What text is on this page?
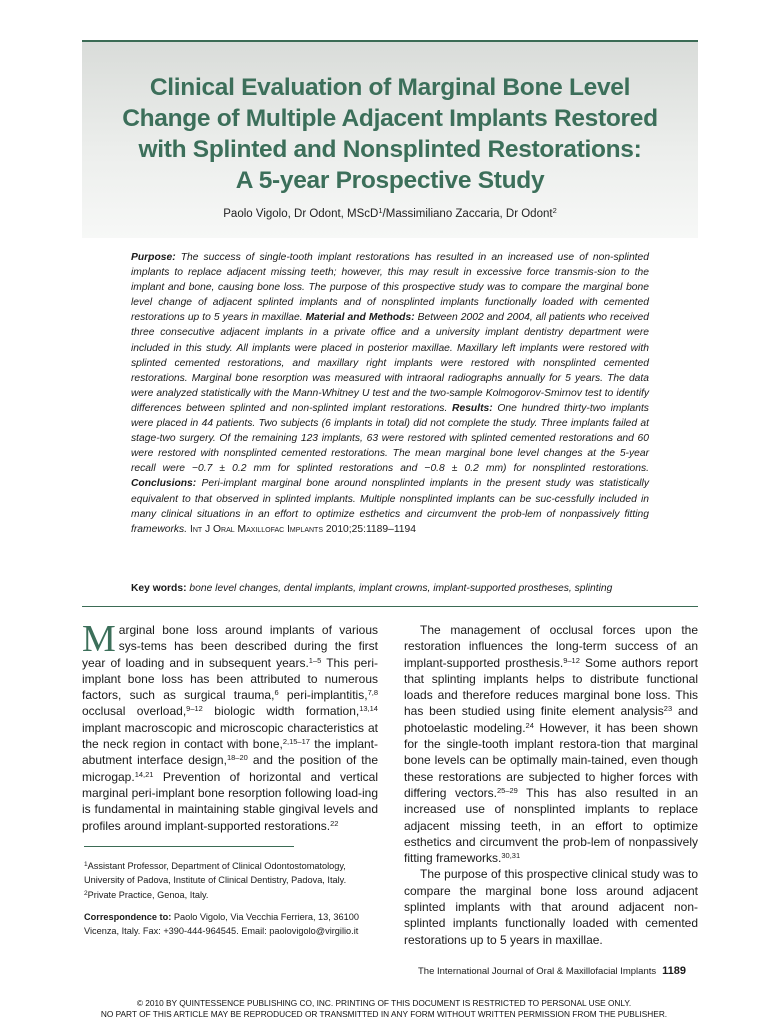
Clinical Evaluation of Marginal Bone Level
Change of Multiple Adjacent Implants Restored
with Splinted and Nonsplinted Restorations:
A 5-year Prospective Study
Paolo Vigolo, Dr Odont, MScD$^1$/Massimiliano Zaccaria, Dr Odont$^2$
Purpose: The success of single-tooth implant restorations has resulted in an increased use of non-splinted implants to replace adjacent missing teeth; however, this may result in excessive force transmis-sion to the implant and bone, causing bone loss. The purpose of this prospective study was to compare the marginal bone level change of adjacent splinted implants and of nonsplinted implants functionally loaded with cemented restorations up to 5 years in maxillae. Material and Methods: Between 2002 and 2004, all patients who received three consecutive adjacent implants in a private office and a university implant dentistry department were included in this study. All implants were placed in posterior maxillae. Maxillary left implants were restored with splinted cemented restorations, and maxillary right implants were restored with nonsplinted cemented restorations. Marginal bone resorption was measured with intraoral radiographs annually for 5 years. The data were analyzed statistically with the Mann-Whitney U test and the two-sample Kolmogorov-Smirnov test to identify differences between splinted and non-splinted implant restorations. Results: One hundred thirty-two implants were placed in 44 patients. Two subjects (6 implants in total) did not complete the study. Three implants failed at stage-two surgery. Of the remaining 123 implants, 63 were restored with splinted cemented restorations and 60 were restored with nonsplinted cemented restorations. The mean marginal bone level changes at the 5-year recall were −0.7 ± 0.2 mm for splinted restorations and −0.8 ± 0.2 mm) for nonsplinted restorations. Conclusions: Peri-implant marginal bone around nonsplinted implants in the present study was statistically equivalent to that observed in splinted implants. Multiple nonsplinted implants can be suc-cessfully included in many clinical situations in an effort to optimize esthetics and circumvent the prob-lem of nonpassively fitting frameworks. Int J Oral Maxillofac Implants 2010;25:1189–1194
Key words: bone level changes, dental implants, implant crowns, implant-supported prostheses, splinting

Marginal bone loss around implants of various sys-tems has been described during the first year of loading and in subsequent years.$^{1-5}$ This peri-implant bone loss has been attributed to numerous factors, such as surgical trauma,$^6$ peri-implantitis,$^{7,8}$ occlusal overload,$^{9-12}$ biologic width formation,$^{13,14}$ implant macroscopic and microscopic characteristics at the neck region in contact with bone,$^{2,15-17}$ the implant-abutment interface design,$^{18-20}$ and the position of the microgap.$^{14,21}$ Prevention of horizontal and vertical marginal peri-implant bone resorption following load-ing is fundamental in maintaining stable gingival levels and profiles around implant-supported restorations.$^{22}$

The management of occlusal forces upon the restoration influences the long-term success of an implant-supported prosthesis.$^{9-12}$ Some authors report that splinting implants helps to distribute functional loads and therefore reduces marginal bone loss. This has been studied using finite element analysis$^{23}$ and photoelastic modeling.$^{24}$ However, it has been shown for the single-tooth implant restora-tion that marginal bone levels can be optimally main-tained, even though these restorations are subjected to higher forces with differing vectors.$^{25-29}$ This has also resulted in an increased use of nonsplinted implants to replace adjacent missing teeth, in an effort to optimize esthetics and circumvent the prob-lem of nonpassively fitting frameworks.$^{30,31}$

The purpose of this prospective clinical study was to compare the marginal bone loss around adjacent splinted implants with that around adjacent non-splinted implants functionally loaded with cemented restorations up to 5 years in maxillae.

$^1$Assistant Professor, Department of Clinical Odontostomatology, University of Padova, Institute of Clinical Dentistry, Padova, Italy.
$^2$Private Practice, Genoa, Italy.
Correspondence to: Paolo Vigolo, Via Vecchia Ferriera, 13, 36100 Vicenza, Italy. Fax: +390-444-964545. Email: paolovigolo@virgilio.it
The International Journal of Oral & Maxillofacial Implants 1189
© 2010 BY QUINTESSENCE PUBLISHING CO, INC. PRINTING OF THIS DOCUMENT IS RESTRICTED TO PERSONAL USE ONLY.
NO PART OF THIS ARTICLE MAY BE REPRODUCED OR TRANSMITTED IN ANY FORM WITHOUT WRITTEN PERMISSION FROM THE PUBLISHER.
